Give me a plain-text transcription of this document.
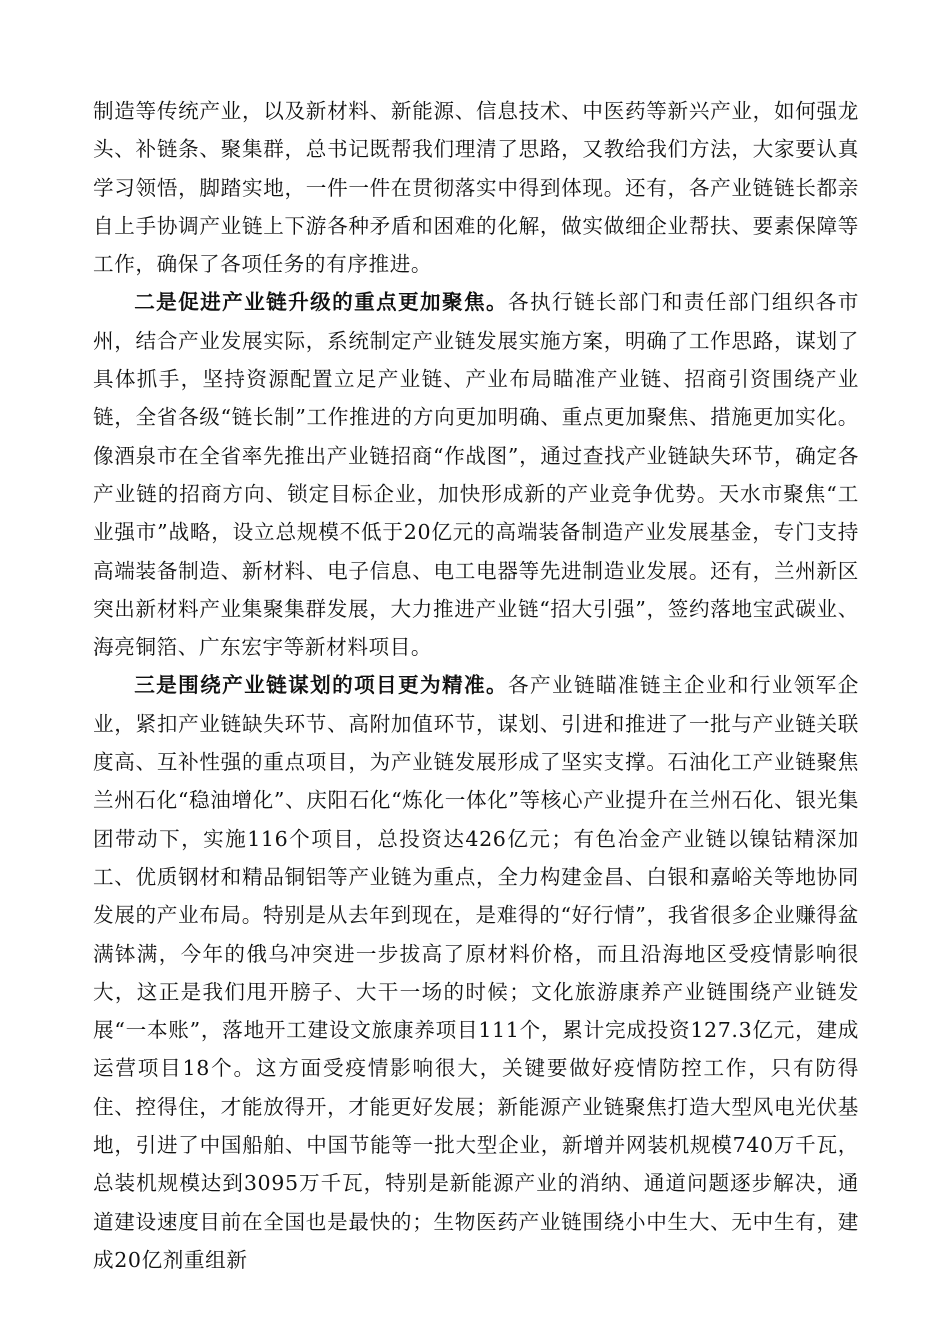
制造等传统产业，以及新材料、新能源、信息技术、中医药等新兴产业，如何强龙头、补链条、聚集群，总书记既帮我们理清了思路，又教给我们方法，大家要认真学习领悟，脚踏实地，一件一件在贯彻落实中得到体现。还有，各产业链链长都亲自上手协调产业链上下游各种矛盾和困难的化解，做实做细企业帮扶、要素保障等工作，确保了各项任务的有序推进。

二是促进产业链升级的重点更加聚焦。各执行链长部门和责任部门组织各市州，结合产业发展实际，系统制定产业链发展实施方案，明确了工作思路，谋划了具体抓手，坚持资源配置立足产业链、产业布局瞄准产业链、招商引资围绕产业链，全省各级“链长制”工作推进的方向更加明确、重点更加聚焦、措施更加实化。像酒泉市在全省率先推出产业链招商“作战图”，通过查找产业链缺失环节，确定各产业链的招商方向、锁定目标企业，加快形成新的产业竞争优势。天水市聚焦“工业强市”战略，设立总规模不低于20亿元的高端装备制造产业发展基金，专门支持高端装备制造、新材料、电子信息、电工电器等先进制造业发展。还有，兰州新区突出新材料产业集聚集群发展，大力推进产业链“招大引强”，签约落地宝武碳业、海亮铜箔、广东宏宇等新材料项目。

三是围绕产业链谋划的项目更为精准。各产业链瞄准链主企业和行业领军企业，紧扣产业链缺失环节、高附加值环节，谋划、引进和推进了一批与产业链关联度高、互补性强的重点项目，为产业链发展形成了坚实支撑。石油化工产业链聚焦兰州石化“稳油增化”、庆阳石化“炼化一体化”等核心产业提升在兰州石化、银光集团带动下，实施116个项目，总投资达426亿元；有色冶金产业链以镍钴精深加工、优质钢材和精品铜铝等产业链为重点，全力构建金昌、白银和嘉峪关等地协同发展的产业布局。特别是从去年到现在，是难得的“好行情”，我省很多企业赚得盆满钵满，今年的俄乌冲突进一步拔高了原材料价格，而且沿海地区受疫情影响很大，这正是我们甩开膀子、大干一场的时候；文化旅游康养产业链围绕产业链发展“一本账”，落地开工建设文旅康养项目111个，累计完成投资127.3亿元，建成运营项目18个。这方面受疫情影响很大，关键要做好疫情防控工作，只有防得住、控得住，才能放得开，才能更好发展；新能源产业链聚焦打造大型风电光伏基地，引进了中国船舶、中国节能等一批大型企业，新增并网装机规模740万千瓦，总装机规模达到3095万千瓦，特别是新能源产业的消纳、通道问题逐步解决，通道建设速度目前在全国也是最快的；生物医药产业链围绕小中生大、无中生有，建成20亿剂重组新
